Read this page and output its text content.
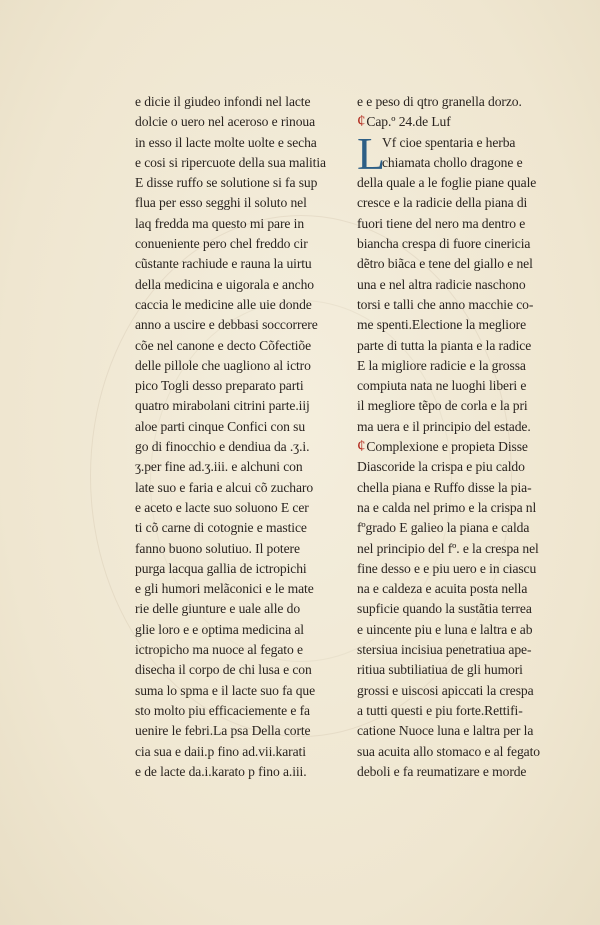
e dicie il giudeo infondi nel lacte
dolcie o uero nel aceroso e rinoua
in esso il lacte molte uolte e secha
e cosi si ripercuote della sua malitia
E disse ruffo se solutione si fa sup
flua per esso segghi il soluto nel
laq fredda ma questo mi pare in
conueniente pero chel freddo cir
cũstante rachiude e rauna la uirtu
della medicina e uigorala e ancho
caccia le medicine alle uie donde
anno a uscire e debbasi soccorrere
cõe nel canone e decto Cõfectiõe
delle pillole che uagliono al ictro
pico Togli desso preparato parti
quatro mirabolani citrini parte.iij
aloe parti cinque Confici con su
go di finocchio e dendiua da .ʒ.i.
ʒ.per fine ad.ʒ.iii. e alchuni con
late suo e faria e alcui cõ zucharo
e aceto e lacte suo soluono E cer
ti cõ carne di cotognie e mastice
fanno buono solutiuo. Il potere
purga lacqua gallia de ictropichi
e gli humori melãconici e le mate
rie delle giunture e uale alle do
glie loro e e optima medicina al
ictropicho ma nuoce al fegato e
disecha il corpo de chi lusa e con
suma lo spma e il lacte suo fa que
sto molto piu efficaciemente e fa
uenire le febri.La psa Della corte
cia sua e daii.p fino ad.vii.karati
e de lacte da.i.karato p fino a.iii.
e e peso di qtro granella dorzo.
¢Cap.º 24.de Luf
L
Vf cioe spentaria e herba
chiamata chollo dragone e
della quale a le foglie piane quale
cresce e la radicie della piana di
fuori tiene del nero ma dentro e
biancha crespa di fuore cinericia
dẽtro biãca e tene del giallo e nel
una e nel altra radicie naschono
torsi e talli che anno macchie co-
me spenti.Electione la megliore
parte di tutta la pianta e la radice
E la migliore radicie e la grossa
compiuta nata ne luoghi liberi e
il megliore tẽpo de corla e la pri
ma uera e il principio del estade.
¢Complexione e propieta Disse
Diascoride la crispa e piu caldo
chella piana e Ruffo disse la pia-
na e calda nel primo e la crispa nl
fºgrado E galieo la piana e calda
nel principio del fº. e la crespa nel
fine desso e e piu uero e in ciascu
na e caldeza e acuita posta nella
supficie quando la sustãtia terrea
e uincente piu e luna e laltra e ab
stersiua incisiua penetratiua ape-
ritiua subtiliatiua de gli humori
grossi e uiscosi apiccati la crespa
a tutti questi e piu forte.Rettifi-
catione Nuoce luna e laltra per la
sua acuita allo stomaco e al fegato
deboli e fa reumatizare e morde
